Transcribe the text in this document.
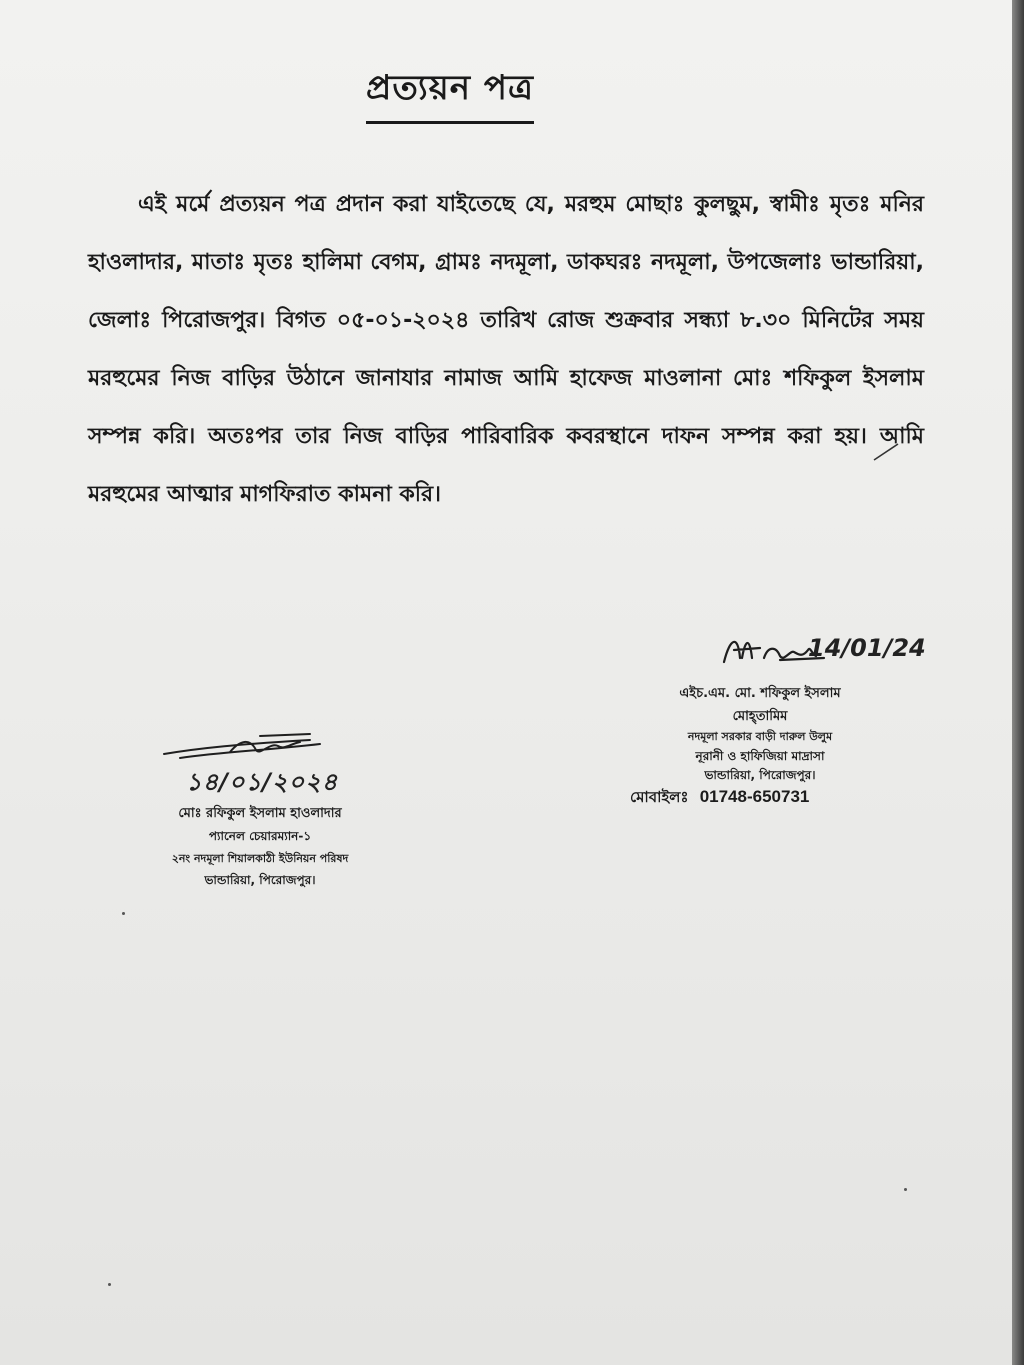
প্রত্যয়ন পত্র
এই মর্মে প্রত্যয়ন পত্র প্রদান করা যাইতেছে যে, মরহুম মোছাঃ কুলছুম, স্বামীঃ মৃতঃ মনির হাওলাদার, মাতাঃ মৃতঃ হালিমা বেগম, গ্রামঃ নদমূলা, ডাকঘরঃ নদমূলা, উপজেলাঃ ভান্ডারিয়া, জেলাঃ পিরোজপুর। বিগত ০৫-০১-২০২৪ তারিখ রোজ শুক্রবার সন্ধ্যা ৮.৩০ মিনিটের সময় মরহুমের নিজ বাড়ির উঠানে জানাযার নামাজ আমি হাফেজ মাওলানা মোঃ শফিকুল ইসলাম সম্পন্ন করি। অতঃপর তার নিজ বাড়ির পারিবারিক কবরস্থানে দাফন সম্পন্ন করা হয়। আমি মরহুমের আত্মার মাগফিরাত কামনা করি।
14/01/24
এইচ.এম. মো. শফিকুল ইসলাম
মোহ্তামিম
নদমূলা সরকার বাড়ী দারুল উলুম
নূরানী ও হাফিজিয়া মাদ্রাসা
ভান্ডারিয়া, পিরোজপুর।
মোবাইলঃ 01748-650731
১৪/০১/২০২৪
মোঃ রফিকুল ইসলাম হাওলাদার
প্যানেল চেয়ারম্যান-১
২নং নদমূলা শিয়ালকাঠী ইউনিয়ন পরিষদ
ভান্ডারিয়া, পিরোজপুর।
